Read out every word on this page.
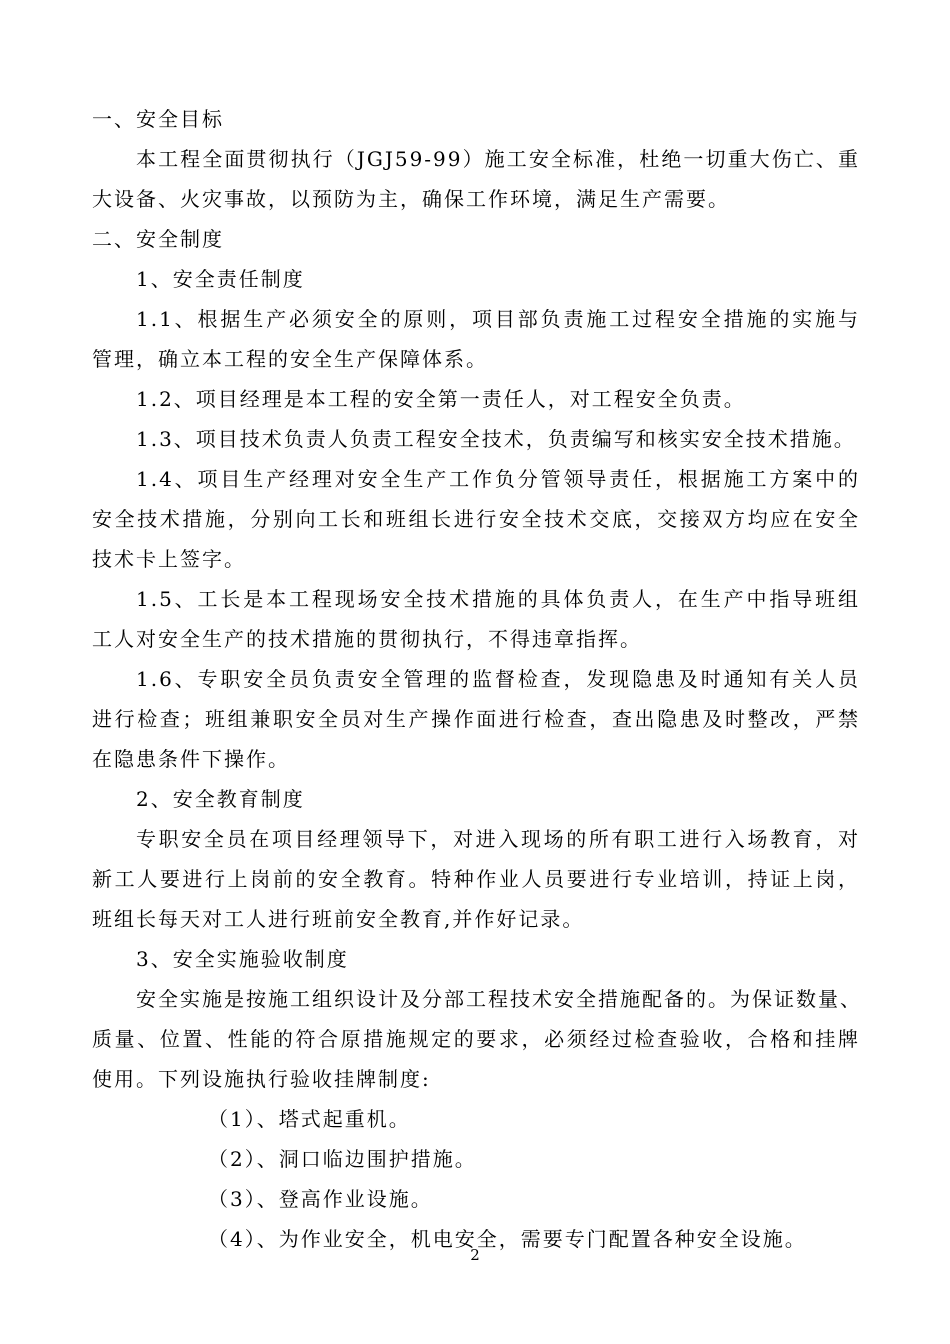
一、安全目标
本工程全面贯彻执行（JGJ59-99）施工安全标准，杜绝一切重大伤亡、重
大设备、火灾事故，以预防为主，确保工作环境，满足生产需要。
二、安全制度
1、安全责任制度
1.1、根据生产必须安全的原则，项目部负责施工过程安全措施的实施与
管理，确立本工程的安全生产保障体系。
1.2、项目经理是本工程的安全第一责任人，对工程安全负责。
1.3、项目技术负责人负责工程安全技术，负责编写和核实安全技术措施。
1.4、项目生产经理对安全生产工作负分管领导责任，根据施工方案中的
安全技术措施，分别向工长和班组长进行安全技术交底，交接双方均应在安全
技术卡上签字。
1.5、工长是本工程现场安全技术措施的具体负责人，在生产中指导班组
工人对安全生产的技术措施的贯彻执行，不得违章指挥。
1.6、专职安全员负责安全管理的监督检查，发现隐患及时通知有关人员
进行检查；班组兼职安全员对生产操作面进行检查，查出隐患及时整改，严禁
在隐患条件下操作。
2、安全教育制度
专职安全员在项目经理领导下，对进入现场的所有职工进行入场教育，对
新工人要进行上岗前的安全教育。特种作业人员要进行专业培训，持证上岗，
班组长每天对工人进行班前安全教育,并作好记录。
3、安全实施验收制度
安全实施是按施工组织设计及分部工程技术安全措施配备的。为保证数量、
质量、位置、性能的符合原措施规定的要求，必须经过检查验收，合格和挂牌
使用。下列设施执行验收挂牌制度:
（1）、塔式起重机。
（2）、洞口临边围护措施。
（3）、登高作业设施。
（4）、为作业安全，机电安全，需要专门配置各种安全设施。
2
